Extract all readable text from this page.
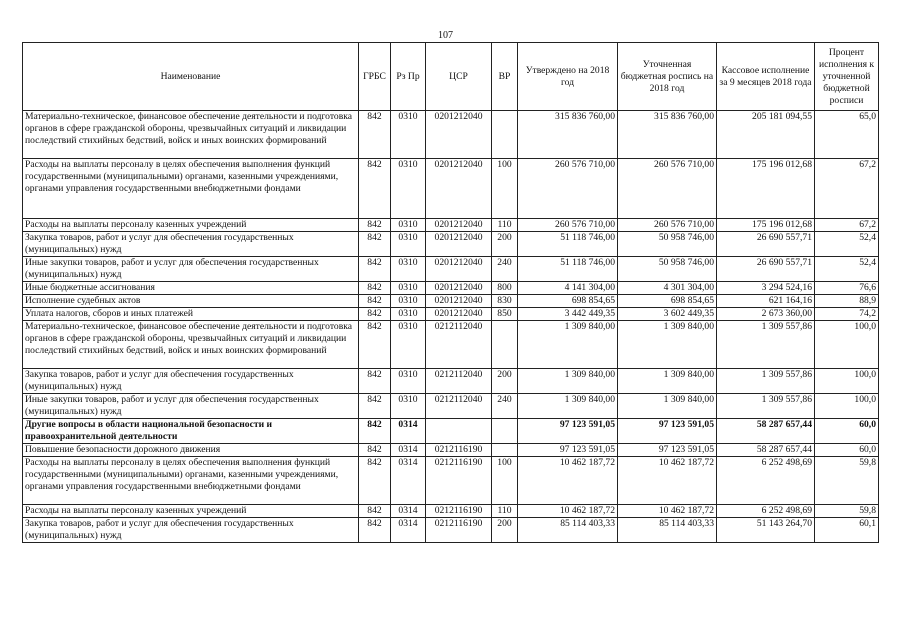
107
Наименование	ГРБС	Рз Пр	ЦСР	ВР	Утверждено на 2018 год	Уточненная бюджетная роспись на 2018 год	Кассовое исполнение за 9 месяцев 2018 года	Процент исполнения к уточненной бюджетной росписи
Материально-техническое, финансовое обеспечение деятельности и подготовка органов в сфере гражданской обороны, чрезвычайных ситуаций и ликвидации последствий стихийных бедствий, войск и иных воинских формирований	842	0310	0201212040		315 836 760,00	315 836 760,00	205 181 094,55	65,0
Расходы на выплаты персоналу в целях обеспечения выполнения функций государственными (муниципальными) органами, казенными учреждениями, органами управления государственными внебюджетными фондами	842	0310	0201212040	100	260 576 710,00	260 576 710,00	175 196 012,68	67,2
Расходы на выплаты персоналу казенных учреждений	842	0310	0201212040	110	260 576 710,00	260 576 710,00	175 196 012,68	67,2
Закупка товаров, работ и услуг для обеспечения государственных (муниципальных) нужд	842	0310	0201212040	200	51 118 746,00	50 958 746,00	26 690 557,71	52,4
Иные закупки товаров, работ и услуг для обеспечения государственных (муниципальных) нужд	842	0310	0201212040	240	51 118 746,00	50 958 746,00	26 690 557,71	52,4
Иные бюджетные ассигнования	842	0310	0201212040	800	4 141 304,00	4 301 304,00	3 294 524,16	76,6
Исполнение судебных актов	842	0310	0201212040	830	698 854,65	698 854,65	621 164,16	88,9
Уплата налогов, сборов и иных платежей	842	0310	0201212040	850	3 442 449,35	3 602 449,35	2 673 360,00	74,2
Материально-техническое, финансовое обеспечение деятельности и подготовка органов в сфере гражданской обороны, чрезвычайных ситуаций и ликвидации последствий стихийных бедствий, войск и иных воинских формирований	842	0310	0212112040		1 309 840,00	1 309 840,00	1 309 557,86	100,0
Закупка товаров, работ и услуг для обеспечения государственных (муниципальных) нужд	842	0310	0212112040	200	1 309 840,00	1 309 840,00	1 309 557,86	100,0
Иные закупки товаров, работ и услуг для обеспечения государственных (муниципальных) нужд	842	0310	0212112040	240	1 309 840,00	1 309 840,00	1 309 557,86	100,0
Другие вопросы в области национальной безопасности и правоохранительной деятельности	842	0314			97 123 591,05	97 123 591,05	58 287 657,44	60,0
Повышение безопасности дорожного движения	842	0314	0212116190		97 123 591,05	97 123 591,05	58 287 657,44	60,0
Расходы на выплаты персоналу в целях обеспечения выполнения функций государственными (муниципальными) органами, казенными учреждениями, органами управления государственными внебюджетными фондами	842	0314	0212116190	100	10 462 187,72	10 462 187,72	6 252 498,69	59,8
Расходы на выплаты персоналу казенных учреждений	842	0314	0212116190	110	10 462 187,72	10 462 187,72	6 252 498,69	59,8
Закупка товаров, работ и услуг для обеспечения государственных (муниципальных) нужд	842	0314	0212116190	200	85 114 403,33	85 114 403,33	51 143 264,70	60,1
